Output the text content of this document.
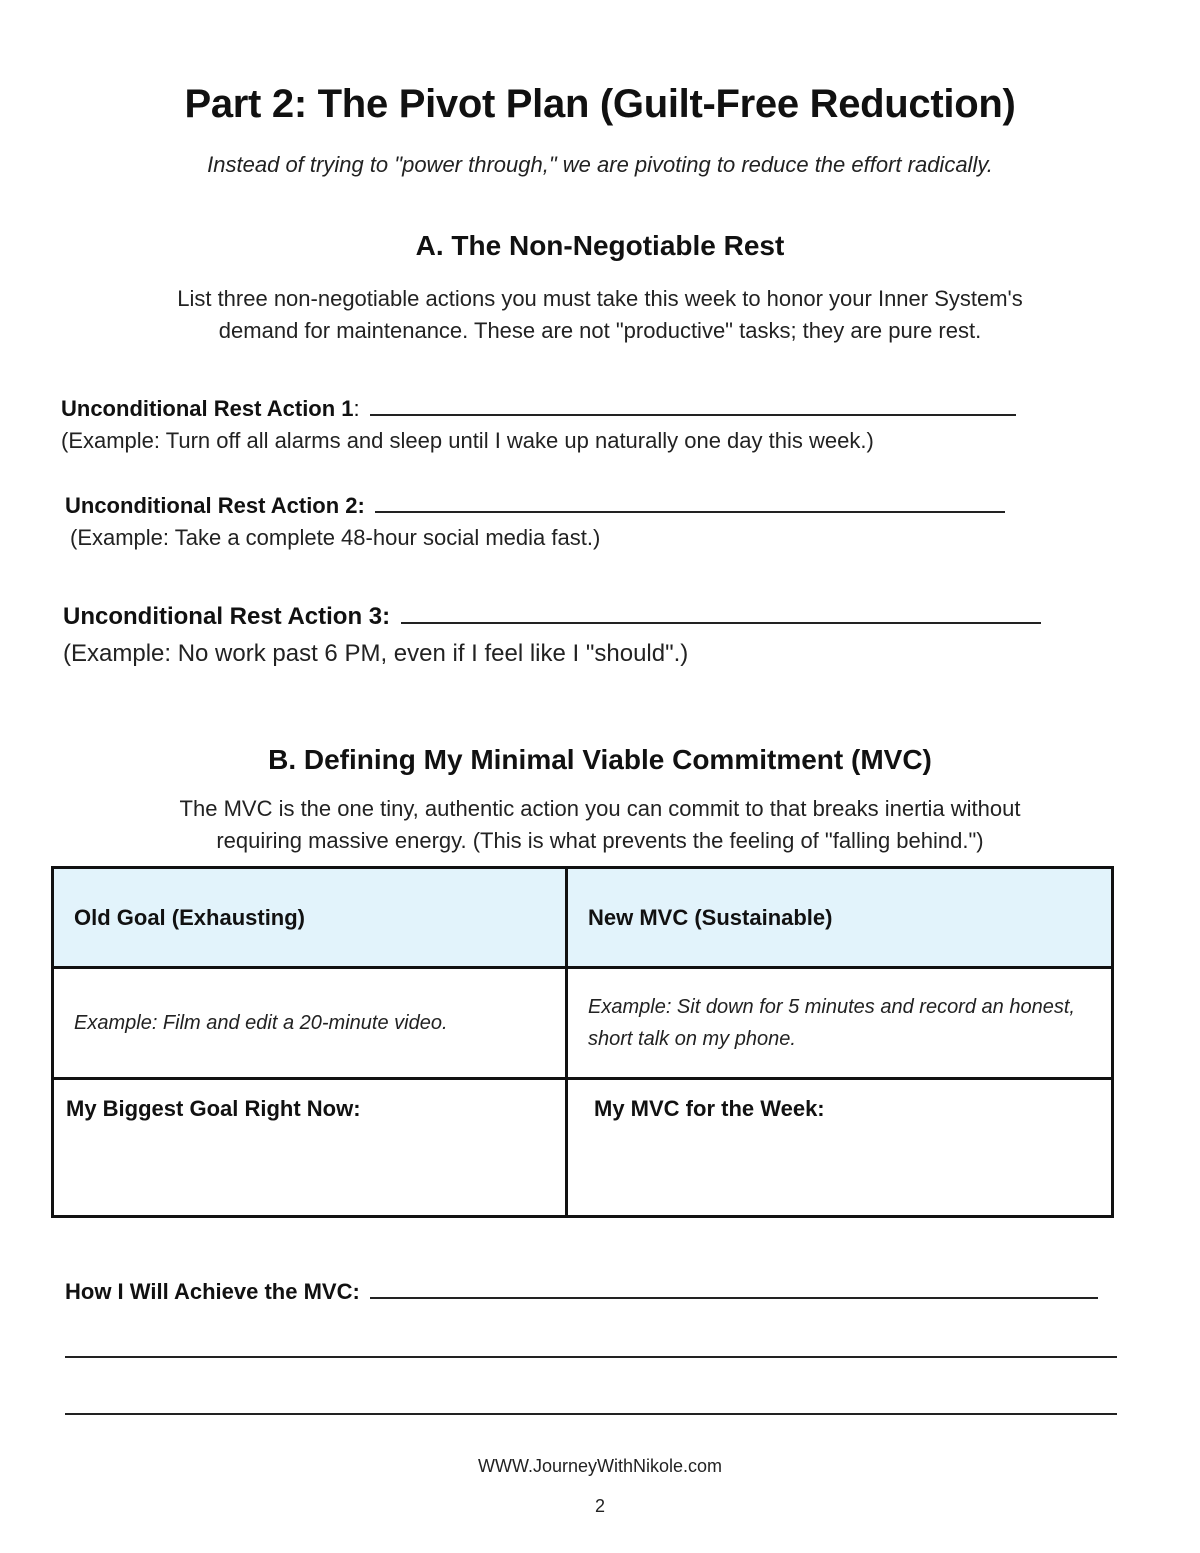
Part 2: The Pivot Plan (Guilt-Free Reduction)
Instead of trying to "power through," we are pivoting to reduce the effort radically.
A. The Non-Negotiable Rest
List three non-negotiable actions you must take this week to honor your Inner System's
demand for maintenance. These are not "productive" tasks; they are pure rest.
Unconditional Rest Action 1:
(Example: Turn off all alarms and sleep until I wake up naturally one day this week.)
Unconditional Rest Action 2:
(Example: Take a complete 48-hour social media fast.)
Unconditional Rest Action 3:
(Example: No work past 6 PM, even if I feel like I "should".)
B. Defining My Minimal Viable Commitment (MVC)
The MVC is the one tiny, authentic action you can commit to that breaks inertia without
requiring massive energy. (This is what prevents the feeling of "falling behind.")
Old Goal (Exhausting)	New MVC (Sustainable)
Example: Film and edit a 20-minute video.	Example: Sit down for 5 minutes and record an honest, short talk on my phone.
My Biggest Goal Right Now:	My MVC for the Week:
How I Will Achieve the MVC:
WWW.JourneyWithNikole.com
2
